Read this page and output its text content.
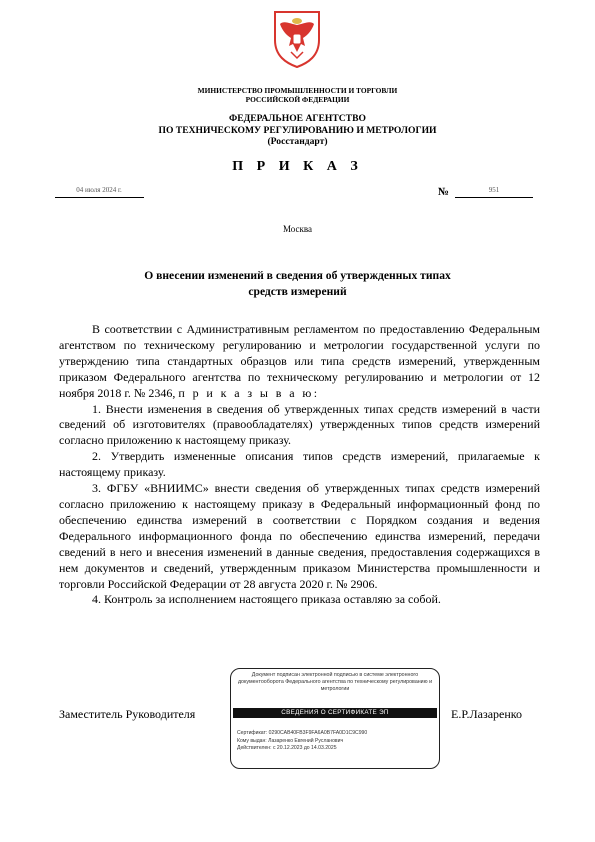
МИНИСТЕРСТВО ПРОМЫШЛЕННОСТИ И ТОРГОВЛИ
РОССИЙСКОЙ ФЕДЕРАЦИИ
ФЕДЕРАЛЬНОЕ АГЕНТСТВО
ПО ТЕХНИЧЕСКОМУ РЕГУЛИРОВАНИЮ И МЕТРОЛОГИИ
(Росстандарт)
П Р И К А З
04 июля 2024 г.	№	951
Москва
О внесении изменений в сведения об утвержденных типах
средств измерений

В соответствии с Административным регламентом по предоставлению Федеральным агентством по техническому регулированию и метрологии государственной услуги по утверждению типа стандартных образцов или типа средств измерений, утвержденным приказом Федерального агентства по техническому регулированию и метрологии от 12 ноября 2018 г. № 2346, п р и к а з ы в а ю:

1. Внести изменения в сведения об утвержденных типах средств измерений в части сведений об изготовителях (правообладателях) утвержденных типов средств измерений согласно приложению к настоящему приказу.

2. Утвердить измененные описания типов средств измерений, прилагаемые к настоящему приказу.

3. ФГБУ «ВНИИМС» внести сведения об утвержденных типах средств измерений согласно приложению к настоящему приказу в Федеральный информационный фонд по обеспечению единства измерений в соответствии с Порядком создания и ведения Федерального информационного фонда по обеспечению единства измерений, передачи сведений в него и внесения изменений в данные сведения, предоставления содержащихся в нем документов и сведений, утвержденным приказом Министерства промышленности и торговли Российской Федерации от 28 августа 2020 г. № 2906.

4. Контроль за исполнением настоящего приказа оставляю за собой.

Заместитель Руководителя	Е.Р.Лазаренко
Документ подписан электронной подписью в системе электронного документооборота Федерального агентства по техническому регулированию и метрологии
СВЕДЕНИЯ О СЕРТИФИКАТЕ ЭП
Сертификат: 0290CAB40FB3F9FA6A0B7FA0D1C9C990
Кому выдан: Лазаренко Евгений Русланович
Действителен: с 20.12.2023 до 14.03.2025
